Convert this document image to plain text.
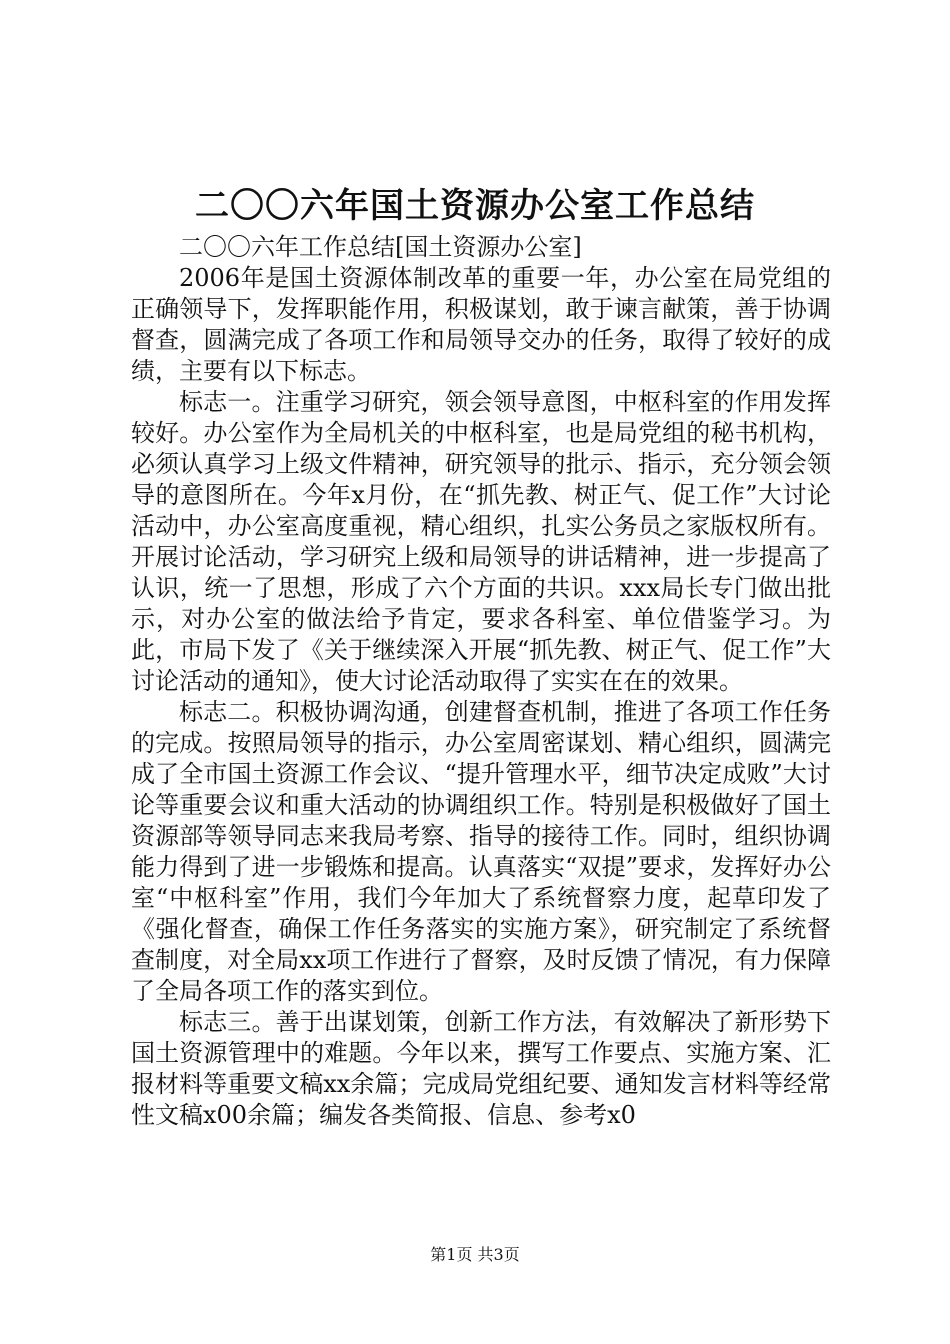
二〇〇六年国土资源办公室工作总结

二〇〇六年工作总结[国土资源办公室]

2006年是国土资源体制改革的重要一年，办公室在局党组的正确领导下，发挥职能作用，积极谋划，敢于谏言献策，善于协调督查，圆满完成了各项工作和局领导交办的任务，取得了较好的成绩，主要有以下标志。

标志一。注重学习研究，领会领导意图，中枢科室的作用发挥较好。办公室作为全局机关的中枢科室，也是局党组的秘书机构，必须认真学习上级文件精神，研究领导的批示、指示，充分领会领导的意图所在。今年x月份，在“抓先教、树正气、促工作”大讨论活动中，办公室高度重视，精心组织，扎实公务员之家版权所有。开展讨论活动，学习研究上级和局领导的讲话精神，进一步提高了认识，统一了思想，形成了六个方面的共识。xxx局长专门做出批示，对办公室的做法给予肯定，要求各科室、单位借鉴学习。为此，市局下发了《关于继续深入开展“抓先教、树正气、促工作”大讨论活动的通知》，使大讨论活动取得了实实在在的效果。

标志二。积极协调沟通，创建督查机制，推进了各项工作任务的完成。按照局领导的指示，办公室周密谋划、精心组织，圆满完成了全市国土资源工作会议、“提升管理水平，细节决定成败”大讨论等重要会议和重大活动的协调组织工作。特别是积极做好了国土资源部等领导同志来我局考察、指导的接待工作。同时，组织协调能力得到了进一步锻炼和提高。认真落实“双提”要求，发挥好办公室“中枢科室”作用，我们今年加大了系统督察力度，起草印发了《强化督查，确保工作任务落实的实施方案》，研究制定了系统督查制度，对全局xx项工作进行了督察，及时反馈了情况，有力保障了全局各项工作的落实到位。

标志三。善于出谋划策，创新工作方法，有效解决了新形势下国土资源管理中的难题。今年以来，撰写工作要点、实施方案、汇报材料等重要文稿xx余篇；完成局党组纪要、通知发言材料等经常性文稿x00余篇；编发各类简报、信息、参考x0

第1页 共3页
